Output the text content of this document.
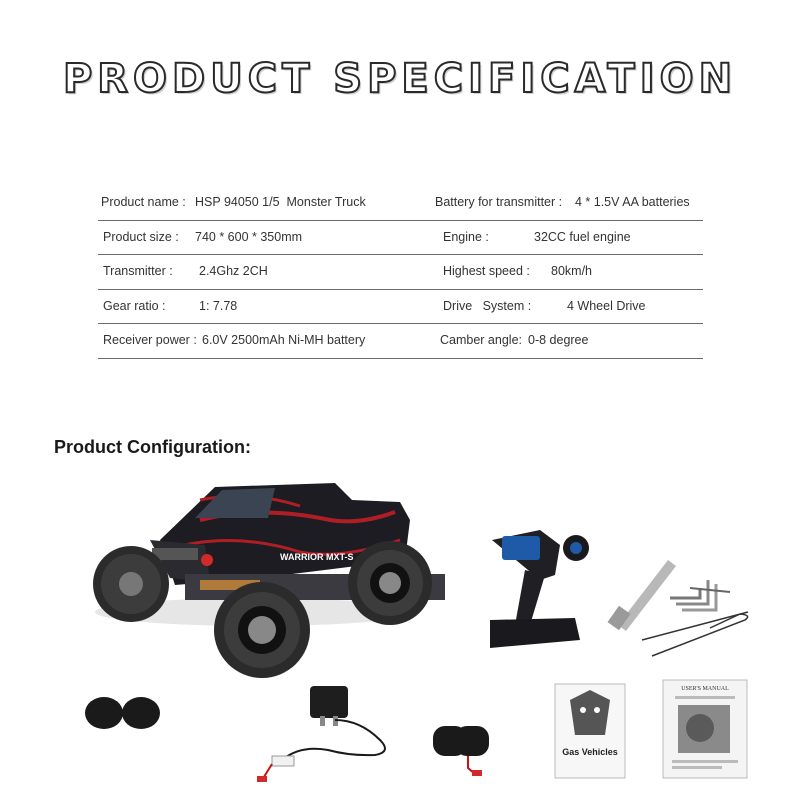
PRODUCT SPECIFICATION
Product name : HSP 94050 1/5  Monster Truck	Battery for transmitter : 4 * 1.5V AA batteries
Product size : 740 * 600 * 350mm	Engine :	32CC fuel engine
Transmitter : 2.4Ghz 2CH	Highest speed : 80km/h
Gear ratio :	1: 7.78	Drive   System :	4 Wheel Drive
Receiver power : 6.0V 2500mAh Ni-MH battery	Camber angle: 0-8 degree
Product Configuration:
WARRIOR MXT-S
Gas Vehicles
USER'S MANUAL
